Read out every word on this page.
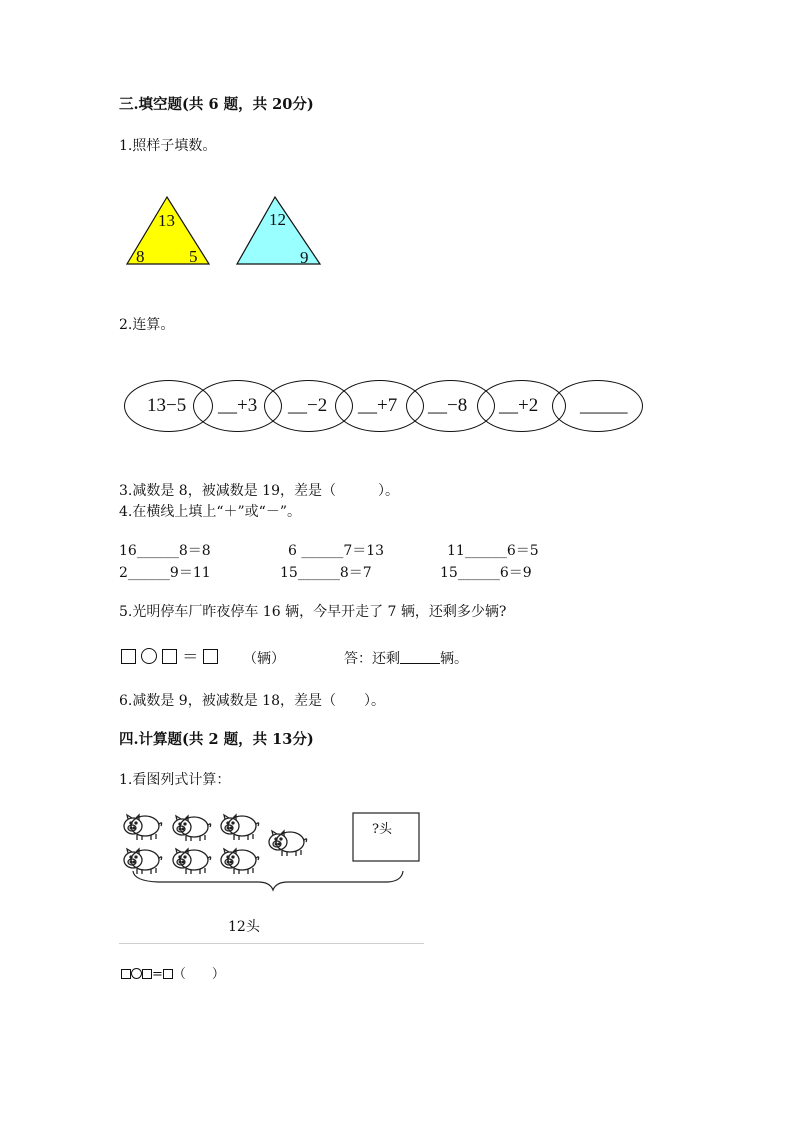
三.填空题(共 6 题，共 20分)
1.照样子填数。
13
8	5
12
9
2.连算。
13−5 __+3 __−2 __+7 __−8 __+2 _____
3.减数是 8，被减数是 19，差是（　　　）。
4.在横线上填上“＋”或“－”。
16______8＝8	6 ______7＝13	11______6＝5
2______9＝11	15______8＝7	15______6＝9
5.光明停车厂昨夜停车 16 辆，今早开走了 7 辆，还剩多少辆?
＝	（辆）	答：还剩	辆。
6.减数是 9，被减数是 18，差是（　　）。
四.计算题(共 2 题，共 13分)
1.看图列式计算：
?头
12头
= （　　）
